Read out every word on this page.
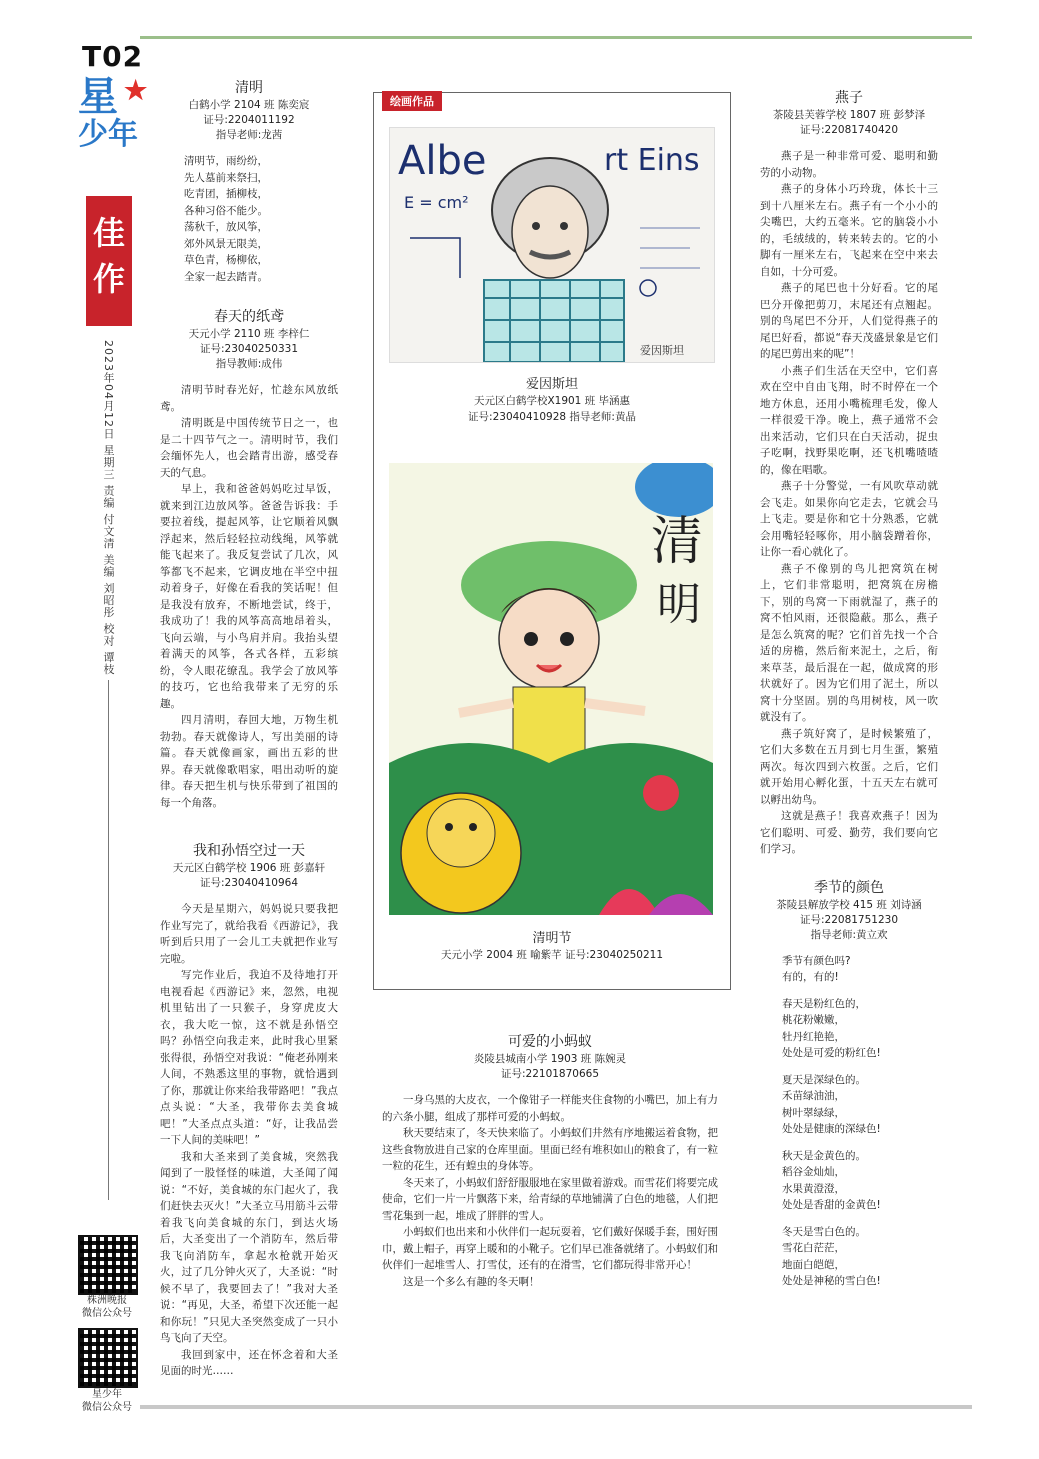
T02
★
星
少年
佳
作
2023年04月12日 星期三 责编 付文清 美编 刘昭彤 校对 谭枝
株洲晚报
微信公众号
星少年
微信公众号
清明
白鹤小学 2104 班 陈奕宸
证号:2204011192
指导老师:龙茜

清明节，雨纷纷，

先人墓前来祭扫，

吃青团，插柳枝，

各种习俗不能少。

荡秋千，放风筝，

郊外风景无限美，

草色青，杨柳依，

全家一起去踏青。

春天的纸鸢
天元小学 2110 班 李梓仁
证号:23040250331
指导教师:成伟

清明节时春光好，忙趁东风放纸鸢。

清明既是中国传统节日之一，也是二十四节气之一。清明时节，我们会缅怀先人，也会踏青出游，感受春天的气息。

早上，我和爸爸妈妈吃过早饭，就来到江边放风筝。爸爸告诉我：手要拉着线，提起风筝，让它顺着风飘浮起来，然后轻轻拉动线绳，风筝就能飞起来了。我反复尝试了几次，风筝都飞不起来，它调皮地在半空中扭动着身子，好像在看我的笑话呢！但是我没有放弃，不断地尝试，终于，我成功了！我的风筝高高地昂着头，飞向云端，与小鸟肩并肩。我抬头望着满天的风筝，各式各样，五彩缤纷，令人眼花缭乱。我学会了放风筝的技巧，它也给我带来了无穷的乐趣。

四月清明，春回大地，万物生机勃勃。春天就像诗人，写出美丽的诗篇。春天就像画家，画出五彩的世界。春天就像歌唱家，唱出动听的旋律。春天把生机与快乐带到了祖国的每一个角落。

我和孙悟空过一天
天元区白鹤学校 1906 班 彭嘉轩
证号:23040410964

今天是星期六，妈妈说只要我把作业写完了，就给我看《西游记》，我听到后只用了一会儿工夫就把作业写完啦。

写完作业后，我迫不及待地打开电视看起《西游记》来，忽然，电视机里钻出了一只猴子，身穿虎皮大衣，我大吃一惊，这不就是孙悟空吗？孙悟空向我走来，此时我心里紧张得很，孙悟空对我说：“俺老孙刚来人间，不熟悉这里的事物，就恰遇到了你，那就让你来给我带路吧！”我点点头说：“大圣，我带你去美食城吧！”大圣点点头道：“好，让我品尝一下人间的美味吧！”

我和大圣来到了美食城，突然我闻到了一股怪怪的味道，大圣闻了闻说：“不好，美食城的东门起火了，我们赶快去灭火！”大圣立马用筋斗云带着我飞向美食城的东门，到达火场后，大圣变出了一个消防车，然后带我飞向消防车，拿起水枪就开始灭火，过了几分钟火灭了，大圣说：“时候不早了，我要回去了！”我对大圣说：“再见，大圣，希望下次还能一起和你玩！”只见大圣突然变成了一只小鸟飞向了天空。

我回到家中，还在怀念着和大圣见面的时光……

绘画作品
Albe	rt Eins
E = cm²
爱因斯坦
爱因斯坦
天元区白鹤学校X1901 班 毕涵惠
证号:23040410928 指导老师:黄晶
清
明
清明节
天元小学 2004 班 喻紫芊 证号:23040250211
可爱的小蚂蚁
炎陵县城南小学 1903 班 陈婉灵
证号:22101870665

一身乌黑的大皮衣，一个像钳子一样能夹住食物的小嘴巴，加上有力的六条小腿，组成了那样可爱的小蚂蚁。

秋天要结束了，冬天快来临了。小蚂蚁们井然有序地搬运着食物，把这些食物放进自己家的仓库里面。里面已经有堆积如山的粮食了，有一粒一粒的花生，还有蝗虫的身体等。

冬天来了，小蚂蚁们舒舒服服地在家里做着游戏。而雪花们将要完成使命，它们一片一片飘落下来，给青绿的草地铺满了白色的地毯，人们把雪花集到一起，堆成了胖胖的雪人。

小蚂蚁们也出来和小伙伴们一起玩耍着，它们戴好保暖手套，围好围巾，戴上帽子，再穿上暖和的小靴子。它们早已准备就绪了。小蚂蚁们和伙伴们一起堆雪人、打雪仗，还有的在滑雪，它们都玩得非常开心！

这是一个多么有趣的冬天啊！

燕子
茶陵县芙蓉学校 1807 班 彭梦泽
证号:22081740420

燕子是一种非常可爱、聪明和勤劳的小动物。

燕子的身体小巧玲珑，体长十三到十八厘米左右。燕子有一个小小的尖嘴巴，大约五毫米。它的脑袋小小的，毛绒绒的，转来转去的。它的小脚有一厘米左右，飞起来在空中来去自如，十分可爱。

燕子的尾巴也十分好看。它的尾巴分开像把剪刀，末尾还有点翘起。别的鸟尾巴不分开，人们觉得燕子的尾巴好看，都说“春天茂盛景象是它们的尾巴剪出来的呢”！

小燕子们生活在天空中，它们喜欢在空中自由飞翔，时不时停在一个地方休息，还用小嘴梳理毛发，像人一样很爱干净。晚上，燕子通常不会出来活动，它们只在白天活动，捉虫子吃啊，找野果吃啊，还飞机嘴喳喳的，像在唱歌。

燕子十分警觉，一有风吹草动就会飞走。如果你向它走去，它就会马上飞走。要是你和它十分熟悉，它就会用嘴轻轻啄你，用小脑袋蹭着你，让你一看心就化了。

燕子不像别的鸟儿把窝筑在树上，它们非常聪明，把窝筑在房檐下，别的鸟窝一下雨就湿了，燕子的窝不怕风雨，还很隐蔽。那么，燕子是怎么筑窝的呢？它们首先找一个合适的房檐，然后衔来泥土，之后，衔来草茎，最后混在一起，做成窝的形状就好了。因为它们用了泥土，所以窝十分坚固。别的鸟用树枝，风一吹就没有了。

燕子筑好窝了，是时候繁殖了，它们大多数在五月到七月生蛋，繁殖两次。每次四到六枚蛋。之后，它们就开始用心孵化蛋，十五天左右就可以孵出幼鸟。

这就是燕子！我喜欢燕子！因为它们聪明、可爱、勤劳，我们要向它们学习。

季节的颜色
茶陵县解放学校 415 班 刘诗涵
证号:22081751230
指导老师:黄立欢

季节有颜色吗?

有的，有的!

春天是粉红色的，

桃花粉嫩嫩，

牡丹红艳艳，

处处是可爱的粉红色!

夏天是深绿色的。

禾苗绿油油，

树叶翠绿绿，

处处是健康的深绿色!

秋天是金黄色的。

稻谷金灿灿，

水果黄澄澄，

处处是香甜的金黄色!

冬天是雪白色的。

雪花白茫茫，

地面白皑皑，

处处是神秘的雪白色!
